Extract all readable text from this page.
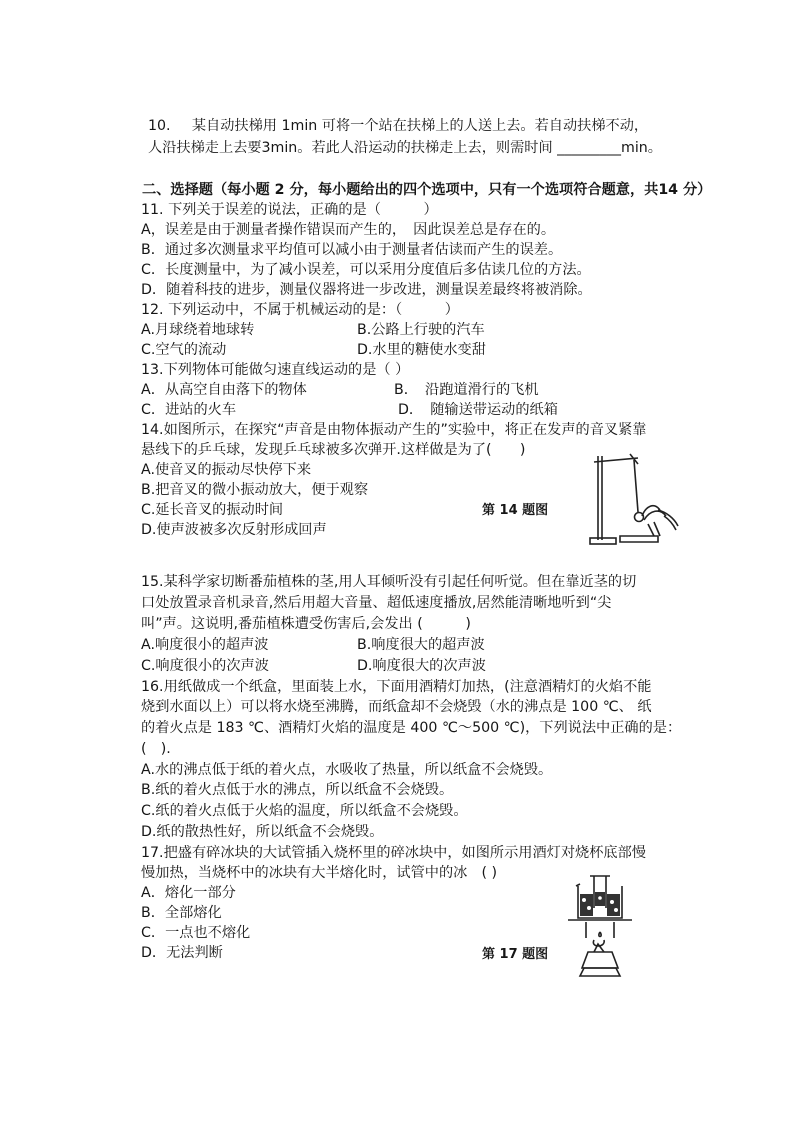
10.   某自动扶梯用 1min 可将一个站在扶梯上的人送上去。若自动扶梯不动，
人沿扶梯走上去要3min。若此人沿运动的扶梯走上去，则需时间 _________min。
二、选择题（每小题 2 分，每小题给出的四个选项中，只有一个选项符合题意，共14 分）
11. 下列关于误差的说法，正确的是（　　　）
A，误差是由于测量者操作错误而产生的，　因此误差总是存在的。
B．通过多次测量求平均值可以减小由于测量者估读而产生的误差。
C．长度测量中，为了减小误差，可以采用分度值后多估读几位的方法。
D．随着科技的进步，测量仪器将进一步改进，测量误差最终将被消除。
12. 下列运动中，不属于机械运动的是：（　　　）
A.月球绕着地球转	B.公路上行驶的汽车
C.空气的流动	D.水里的糖使水变甜
13.下列物体可能做匀速直线运动的是（ ）
A．从高空自由落下的物体	B．　沿跑道滑行的飞机
C．进站的火车	D．　随输送带运动的纸箱
14.如图所示，在探究“声音是由物体振动产生的”实验中，将正在发声的音叉紧靠
悬线下的乒乓球，发现乒乓球被多次弹开.这样做是为了(　　)
A.使音叉的振动尽快停下来
B.把音叉的微小振动放大，便于观察
C.延长音叉的振动时间
D.使声波被多次反射形成回声
第 14 题图
15.某科学家切断番茄植株的茎,用人耳倾听没有引起任何听觉。但在靠近茎的切
口处放置录音机录音,然后用超大音量、超低速度播放,居然能清晰地听到“尖
叫”声。这说明,番茄植株遭受伤害后,会发出 (　　　)
A.响度很小的超声波	B.响度很大的超声波
C.响度很小的次声波	D.响度很大的次声波
16.用纸做成一个纸盒，里面装上水，下面用酒精灯加热，(注意酒精灯的火焰不能
烧到水面以上）可以将水烧至沸腾，而纸盒却不会烧毁（水的沸点是 100 ℃、 纸
的着火点是 183 ℃、酒精灯火焰的温度是 400 ℃～500 ℃)，下列说法中正确的是：
(　).
A.水的沸点低于纸的着火点，水吸收了热量，所以纸盒不会烧毁。
B.纸的着火点低于水的沸点，所以纸盒不会烧毁。
C.纸的着火点低于火焰的温度，所以纸盒不会烧毁。
D.纸的散热性好，所以纸盒不会烧毁。
17.把盛有碎冰块的大试管插入烧杯里的碎冰块中，如图所示用酒灯对烧杯底部慢
慢加热，当烧杯中的冰块有大半熔化时，试管中的冰　( )
A．熔化一部分
B．全部熔化
C．一点也不熔化
D．无法判断	第 17 题图
